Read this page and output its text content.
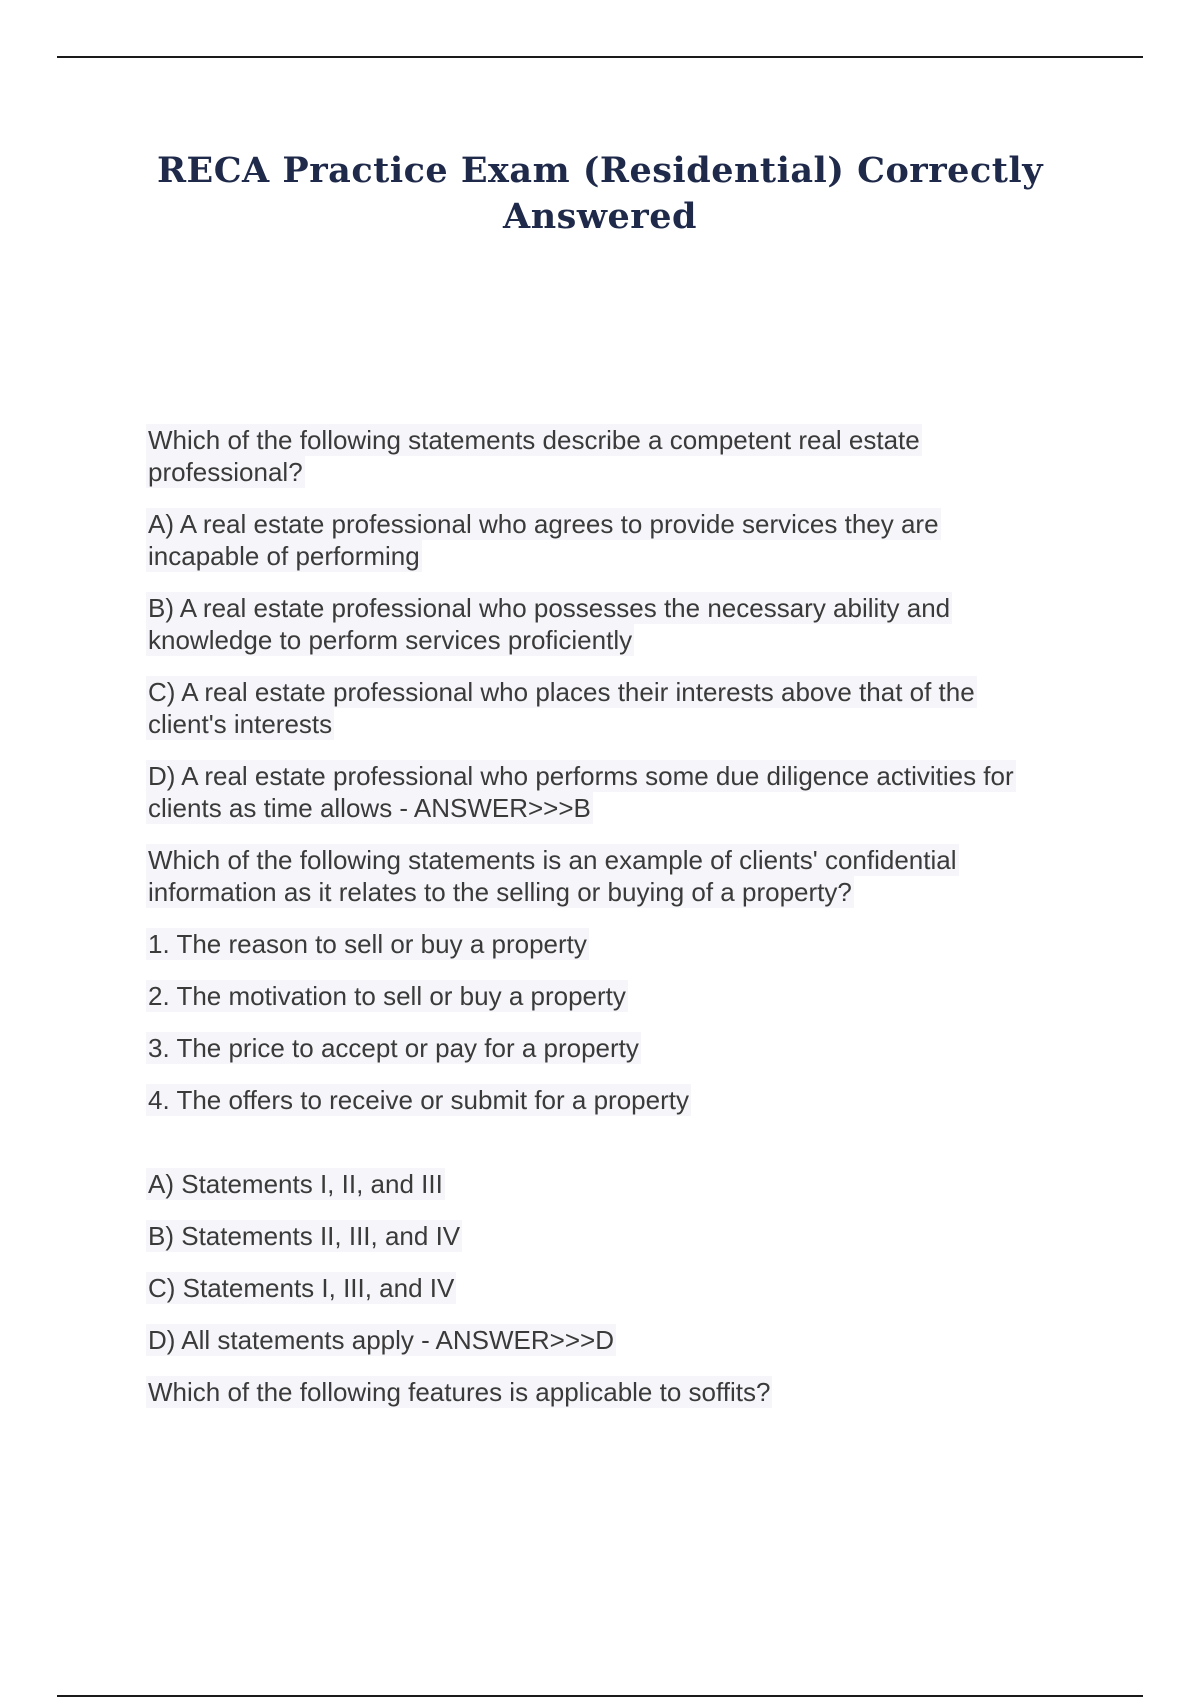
RECA Practice Exam (Residential) Correctly
Answered
Which of the following statements describe a competent real estate
professional?
A) A real estate professional who agrees to provide services they are
incapable of performing
B) A real estate professional who possesses the necessary ability and
knowledge to perform services proficiently
C) A real estate professional who places their interests above that of the
client's interests
D) A real estate professional who performs some due diligence activities for
clients as time allows - ANSWER>>>B
Which of the following statements is an example of clients' confidential
information as it relates to the selling or buying of a property?
1. The reason to sell or buy a property
2. The motivation to sell or buy a property
3. The price to accept or pay for a property
4. The offers to receive or submit for a property
A) Statements I, II, and III
B) Statements II, III, and IV
C) Statements I, III, and IV
D) All statements apply - ANSWER>>>D
Which of the following features is applicable to soffits?
